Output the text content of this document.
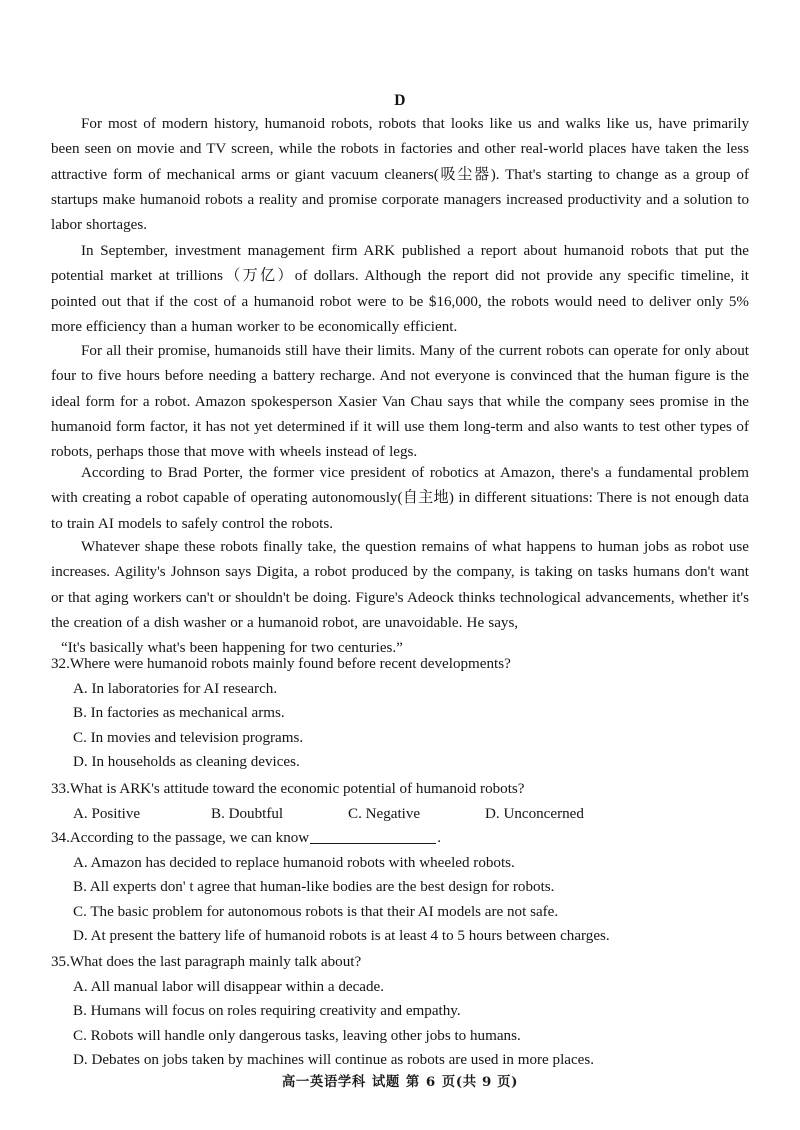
D

For most of modern history, humanoid robots, robots that looks like us and walks like us, have primarily been seen on movie and TV screen, while the robots in factories and other real-world places have taken the less attractive form of mechanical arms or giant vacuum cleaners(吸尘器). That's starting to change as a group of startups make humanoid robots a reality and promise corporate managers increased productivity and a solution to labor shortages.

In September, investment management firm ARK published a report about humanoid robots that put the potential market at trillions（万亿）of dollars. Although the report did not provide any specific timeline, it pointed out that if the cost of a humanoid robot were to be $16,000, the robots would need to deliver only 5% more efficiency than a human worker to be economically efficient.

For all their promise, humanoids still have their limits. Many of the current robots can operate for only about four to five hours before needing a battery recharge. And not everyone is convinced that the human figure is the ideal form for a robot. Amazon spokesperson Xasier Van Chau says that while the company sees promise in the humanoid form factor, it has not yet determined if it will use them long-term and also wants to test other types of robots, perhaps those that move with wheels instead of legs.

According to Brad Porter, the former vice president of robotics at Amazon, there's a fundamental problem with creating a robot capable of operating autonomously(自主地) in different situations: There is not enough data to train AI models to safely control the robots.

Whatever shape these robots finally take, the question remains of what happens to human jobs as robot use increases. Agility's Johnson says Digita, a robot produced by the company, is taking on tasks humans don't want or that aging workers can't or shouldn't be doing. Figure's Adeock thinks technological advancements, whether it's the creation of a dish washer or a humanoid robot, are unavoidable. He says,

“It's basically what's been happening for two centuries.”

32.Where were humanoid robots mainly found before recent developments?

A. In laboratories for AI research.

B. In factories as mechanical arms.

C. In movies and television programs.

D. In households as cleaning devices.

33.What is ARK's attitude toward the economic potential of humanoid robots?

A. Positive	B. Doubtful	C. Negative	D. Unconcerned

34.According to the passage, we can know	.

A. Amazon has decided to replace humanoid robots with wheeled robots.

B. All experts don' t agree that human-like bodies are the best design for robots.

C. The basic problem for autonomous robots is that their AI models are not safe.

D. At present the battery life of humanoid robots is at least 4 to 5 hours between charges.

35.What does the last paragraph mainly talk about?

A. All manual labor will disappear within a decade.

B. Humans will focus on roles requiring creativity and empathy.

C. Robots will handle only dangerous tasks, leaving other jobs to humans.

D. Debates on jobs taken by machines will continue as robots are used in more places.

高一英语学科 试题 第 6 页(共 9 页)
